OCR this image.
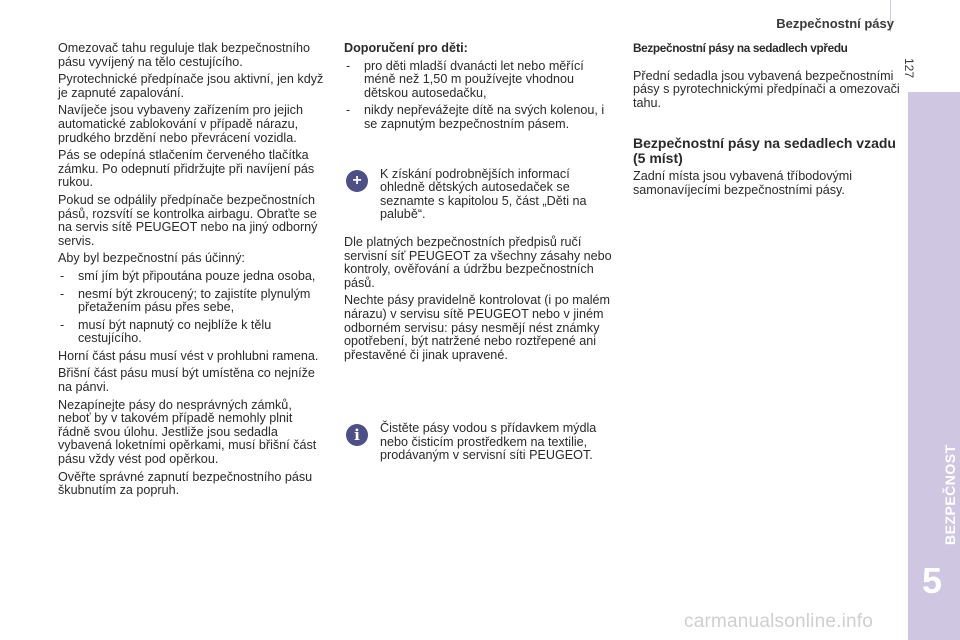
Bezpečnostní pásy
127
BEZPEČNOST
5

Omezovač tahu reguluje tlak bezpečnostního pásu vyvíjený na tělo cestujícího.

Pyrotechnické předpínače jsou aktivní, jen když je zapnuté zapalování.

Navíječe jsou vybaveny zařízením pro jejich automatické zablokování v případě nárazu, prudkého brzdění nebo převrácení vozidla.

Pás se odepíná stlačením červeného tlačítka zámku. Po odepnutí přidržujte při navíjení pás rukou.

Pokud se odpálily předpínače bezpečnostních pásů, rozsvítí se kontrolka airbagu. Obraťte se na servis sítě PEUGEOT nebo na jiný odborný servis.

Aby byl bezpečnostní pás účinný:

- smí jím být připoutána pouze jedna osoba,
- nesmí být zkroucený; to zajistíte plynulým přetažením pásu přes sebe,
- musí být napnutý co nejblíže k tělu cestujícího.

Horní část pásu musí vést v prohlubni ramena.

Břišní část pásu musí být umístěna co nejníže na pánvi.

Nezapínejte pásy do nesprávných zámků, neboť by v takovém případě nemohly plnit řádně svou úlohu. Jestliže jsou sedadla vybavená loketními opěrkami, musí břišní část pásu vždy vést pod opěrkou.

Ověřte správné zapnutí bezpečnostního pásu škubnutím za popruh.

Doporučení pro děti:

- pro děti mladší dvanácti let nebo měřící méně než 1,50 m používejte vhodnou dětskou autosedačku,
- nikdy nepřevážejte dítě na svých kolenou, i se zapnutým bezpečnostním pásem.
+	K získání podrobnějších informací ohledně dětských autosedaček se seznamte s kapitolou 5, část „Děti na palubě“.

Dle platných bezpečnostních předpisů ručí servisní síť PEUGEOT za všechny zásahy nebo kontroly, ověřování a údržbu bezpečnostních pásů.

Nechte pásy pravidelně kontrolovat (i po malém nárazu) v servisu sítě PEUGEOT nebo v jiném odborném servisu: pásy nesmějí nést známky opotřebení, být natržené nebo roztřepené ani přestavěné či jinak upravené.

i	Čistěte pásy vodou s přídavkem mýdla nebo čisticím prostředkem na textilie, prodávaným v servisní síti PEUGEOT.

Bezpečnostní pásy na sedadlech vpředu

Přední sedadla jsou vybavená bezpečnostními pásy s pyrotechnickými předpínači a omezovači tahu.

Bezpečnostní pásy na sedadlech vzadu (5 míst)

Zadní místa jsou vybavená tříbodovými samonavíjecími bezpečnostními pásy.

carmanualsonline.info
